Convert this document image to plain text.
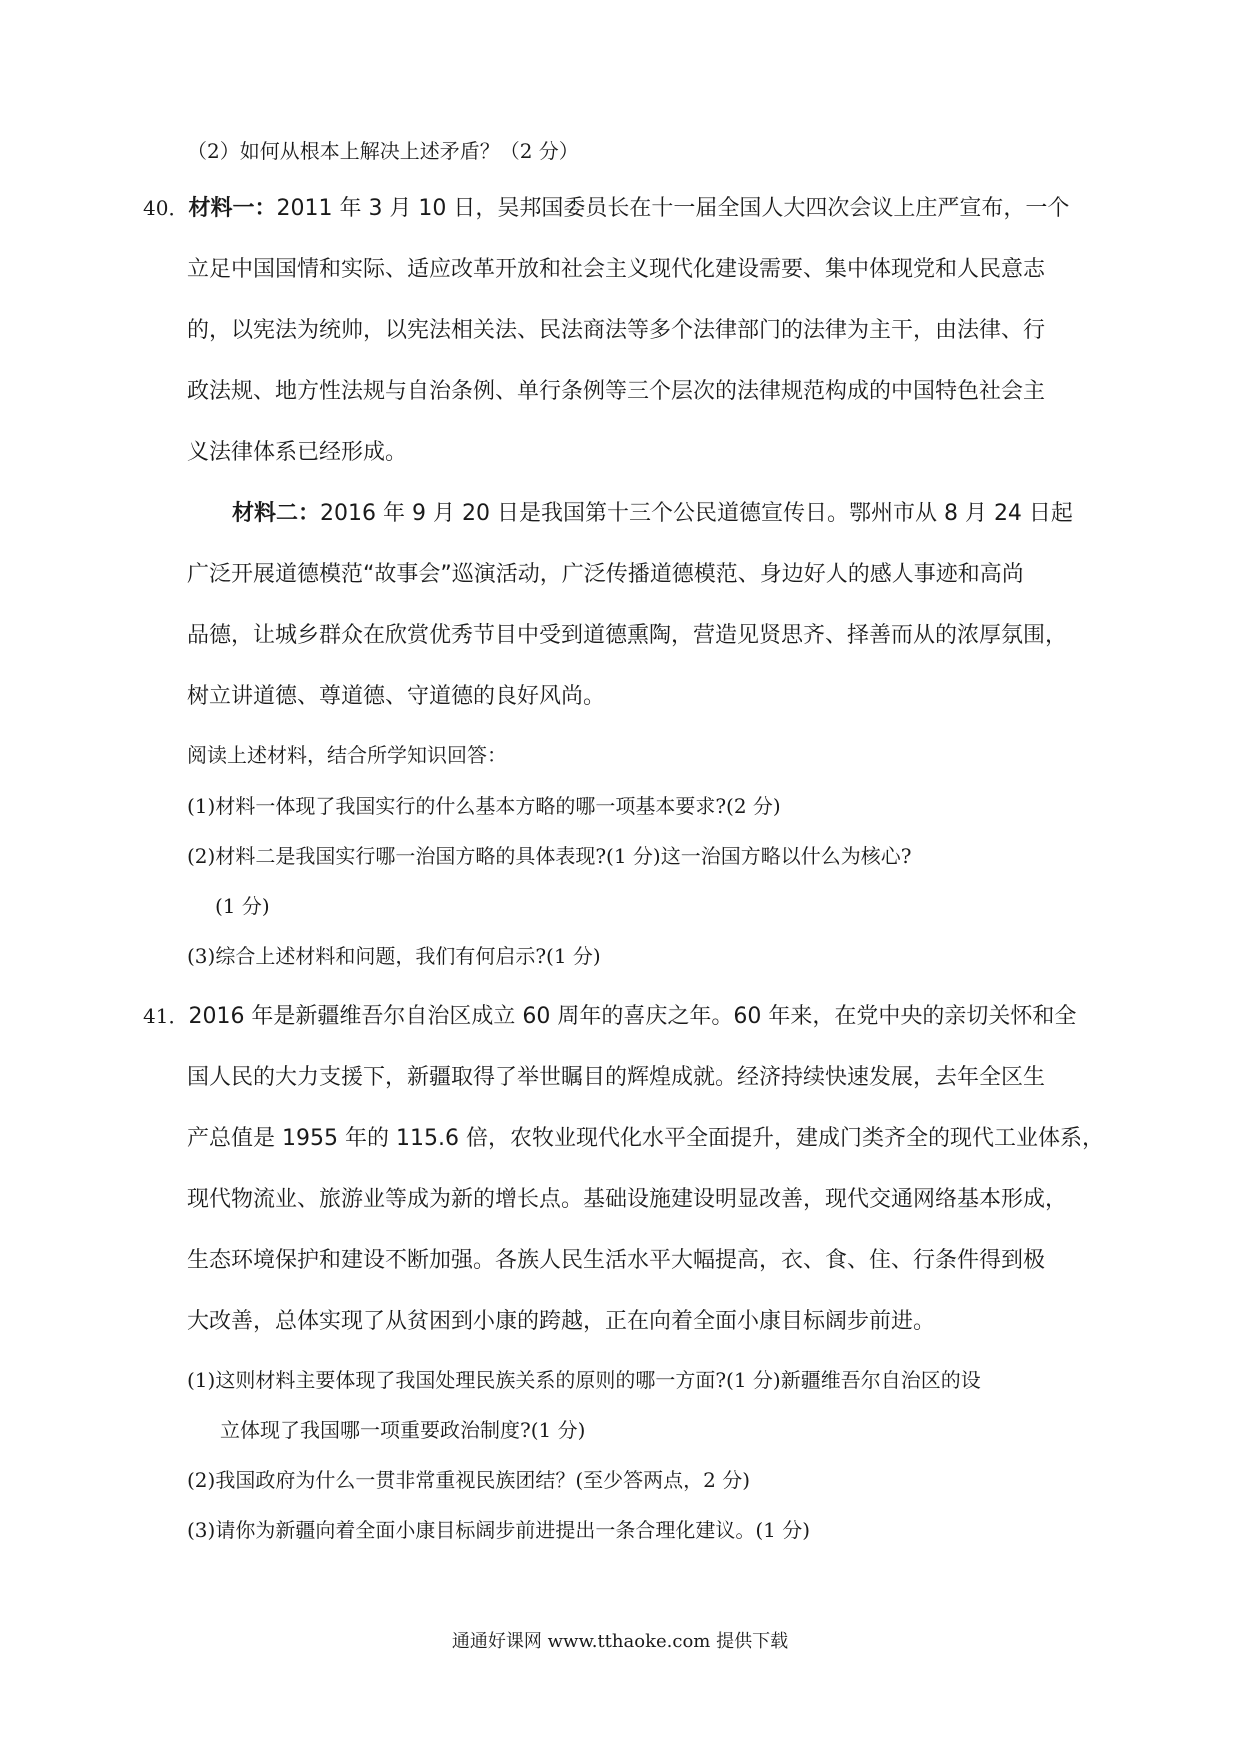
（2）如何从根本上解决上述矛盾？（2 分）
40．材料一：2011 年 3 月 10 日，吴邦国委员长在十一届全国人大四次会议上庄严宣布，一个
立足中国国情和实际、适应改革开放和社会主义现代化建设需要、集中体现党和人民意志
的，以宪法为统帅，以宪法相关法、民法商法等多个法律部门的法律为主干，由法律、行
政法规、地方性法规与自治条例、单行条例等三个层次的法律规范构成的中国特色社会主
义法律体系已经形成。
材料二：2016 年 9 月 20 日是我国第十三个公民道德宣传日。鄂州市从 8 月 24 日起
广泛开展道德模范“故事会”巡演活动，广泛传播道德模范、身边好人的感人事迹和高尚
品德，让城乡群众在欣赏优秀节目中受到道德熏陶，营造见贤思齐、择善而从的浓厚氛围，
树立讲道德、尊道德、守道德的良好风尚。
阅读上述材料，结合所学知识回答：
(1)材料一体现了我国实行的什么基本方略的哪一项基本要求?(2 分)
(2)材料二是我国实行哪一治国方略的具体表现?(1 分)这一治国方略以什么为核心?
(1 分)
(3)综合上述材料和问题，我们有何启示?(1 分)
41．2016 年是新疆维吾尔自治区成立 60 周年的喜庆之年。60 年来，在党中央的亲切关怀和全
国人民的大力支援下，新疆取得了举世瞩目的辉煌成就。经济持续快速发展，去年全区生
产总值是 1955 年的 115.6 倍，农牧业现代化水平全面提升，建成门类齐全的现代工业体系，
现代物流业、旅游业等成为新的增长点。基础设施建设明显改善，现代交通网络基本形成，
生态环境保护和建设不断加强。各族人民生活水平大幅提高，衣、食、住、行条件得到极
大改善，总体实现了从贫困到小康的跨越，正在向着全面小康目标阔步前进。
(1)这则材料主要体现了我国处理民族关系的原则的哪一方面?(1 分)新疆维吾尔自治区的设
立体现了我国哪一项重要政治制度?(1 分)
(2)我国政府为什么一贯非常重视民族团结？(至少答两点，2 分)
(3)请你为新疆向着全面小康目标阔步前进提出一条合理化建议。(1 分)
通通好课网 www.tthaoke.com 提供下载
